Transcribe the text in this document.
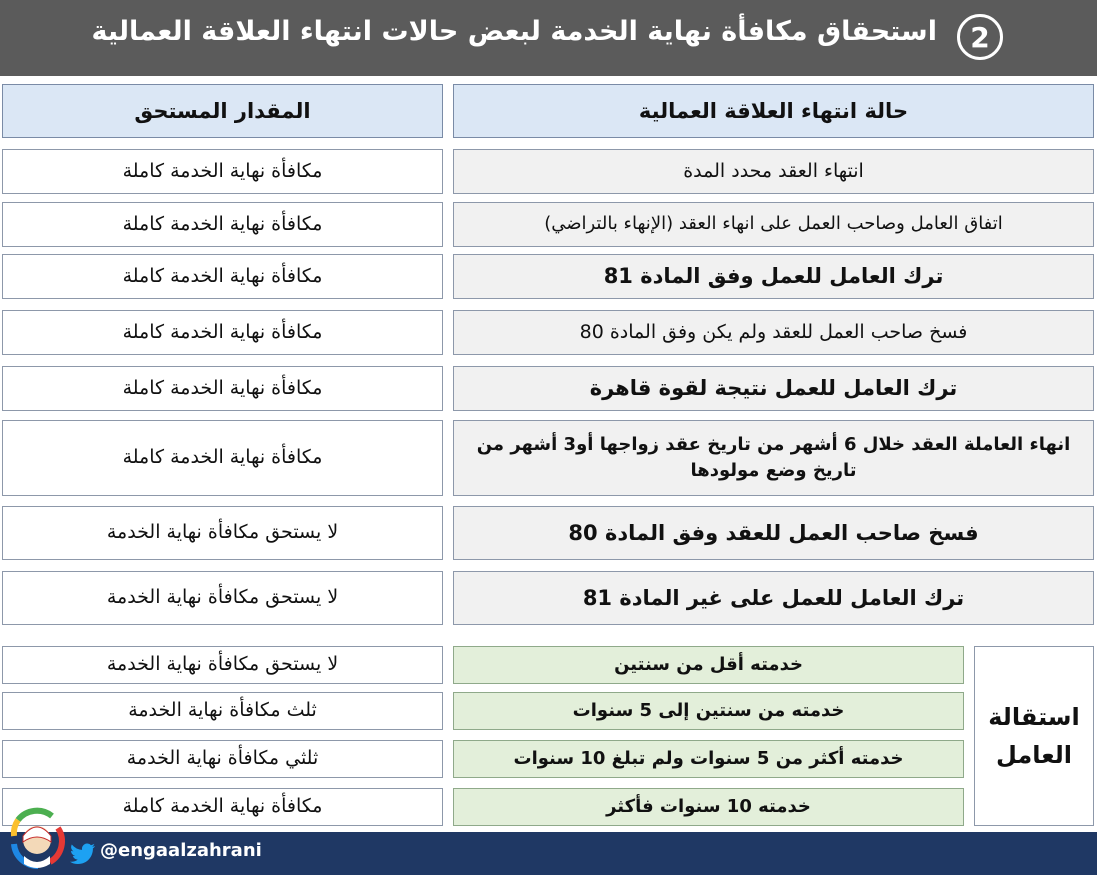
استحقاق مكافأة نهاية الخدمة لبعض حالات انتهاء العلاقة العمالية	2
حالة انتهاء العلاقة العمالية
المقدار المستحق
انتهاء العقد محدد المدة
مكافأة نهاية الخدمة كاملة
اتفاق العامل وصاحب العمل على انهاء العقد (الإنهاء بالتراضي)
مكافأة نهاية الخدمة كاملة
ترك العامل للعمل وفق المادة 81
مكافأة نهاية الخدمة كاملة
فسخ صاحب العمل للعقد ولم يكن وفق المادة 80
مكافأة نهاية الخدمة كاملة
ترك العامل للعمل نتيجة لقوة قاهرة
مكافأة نهاية الخدمة كاملة
انهاء العاملة العقد خلال 6 أشهر من تاريخ عقد زواجها أو3 أشهر من تاريخ وضع مولودها
مكافأة نهاية الخدمة كاملة
فسخ صاحب العمل للعقد وفق المادة 80
لا يستحق مكافأة نهاية الخدمة
ترك العامل للعمل على غير المادة 81
لا يستحق مكافأة نهاية الخدمة
استقالة العامل
خدمته أقل من سنتين
لا يستحق مكافأة نهاية الخدمة
خدمته من سنتين إلى 5 سنوات
ثلث مكافأة نهاية الخدمة
خدمته أكثر من 5 سنوات ولم تبلغ 10 سنوات
ثلثي مكافأة نهاية الخدمة
خدمته 10 سنوات فأكثر
مكافأة نهاية الخدمة كاملة
@engaalzahrani
